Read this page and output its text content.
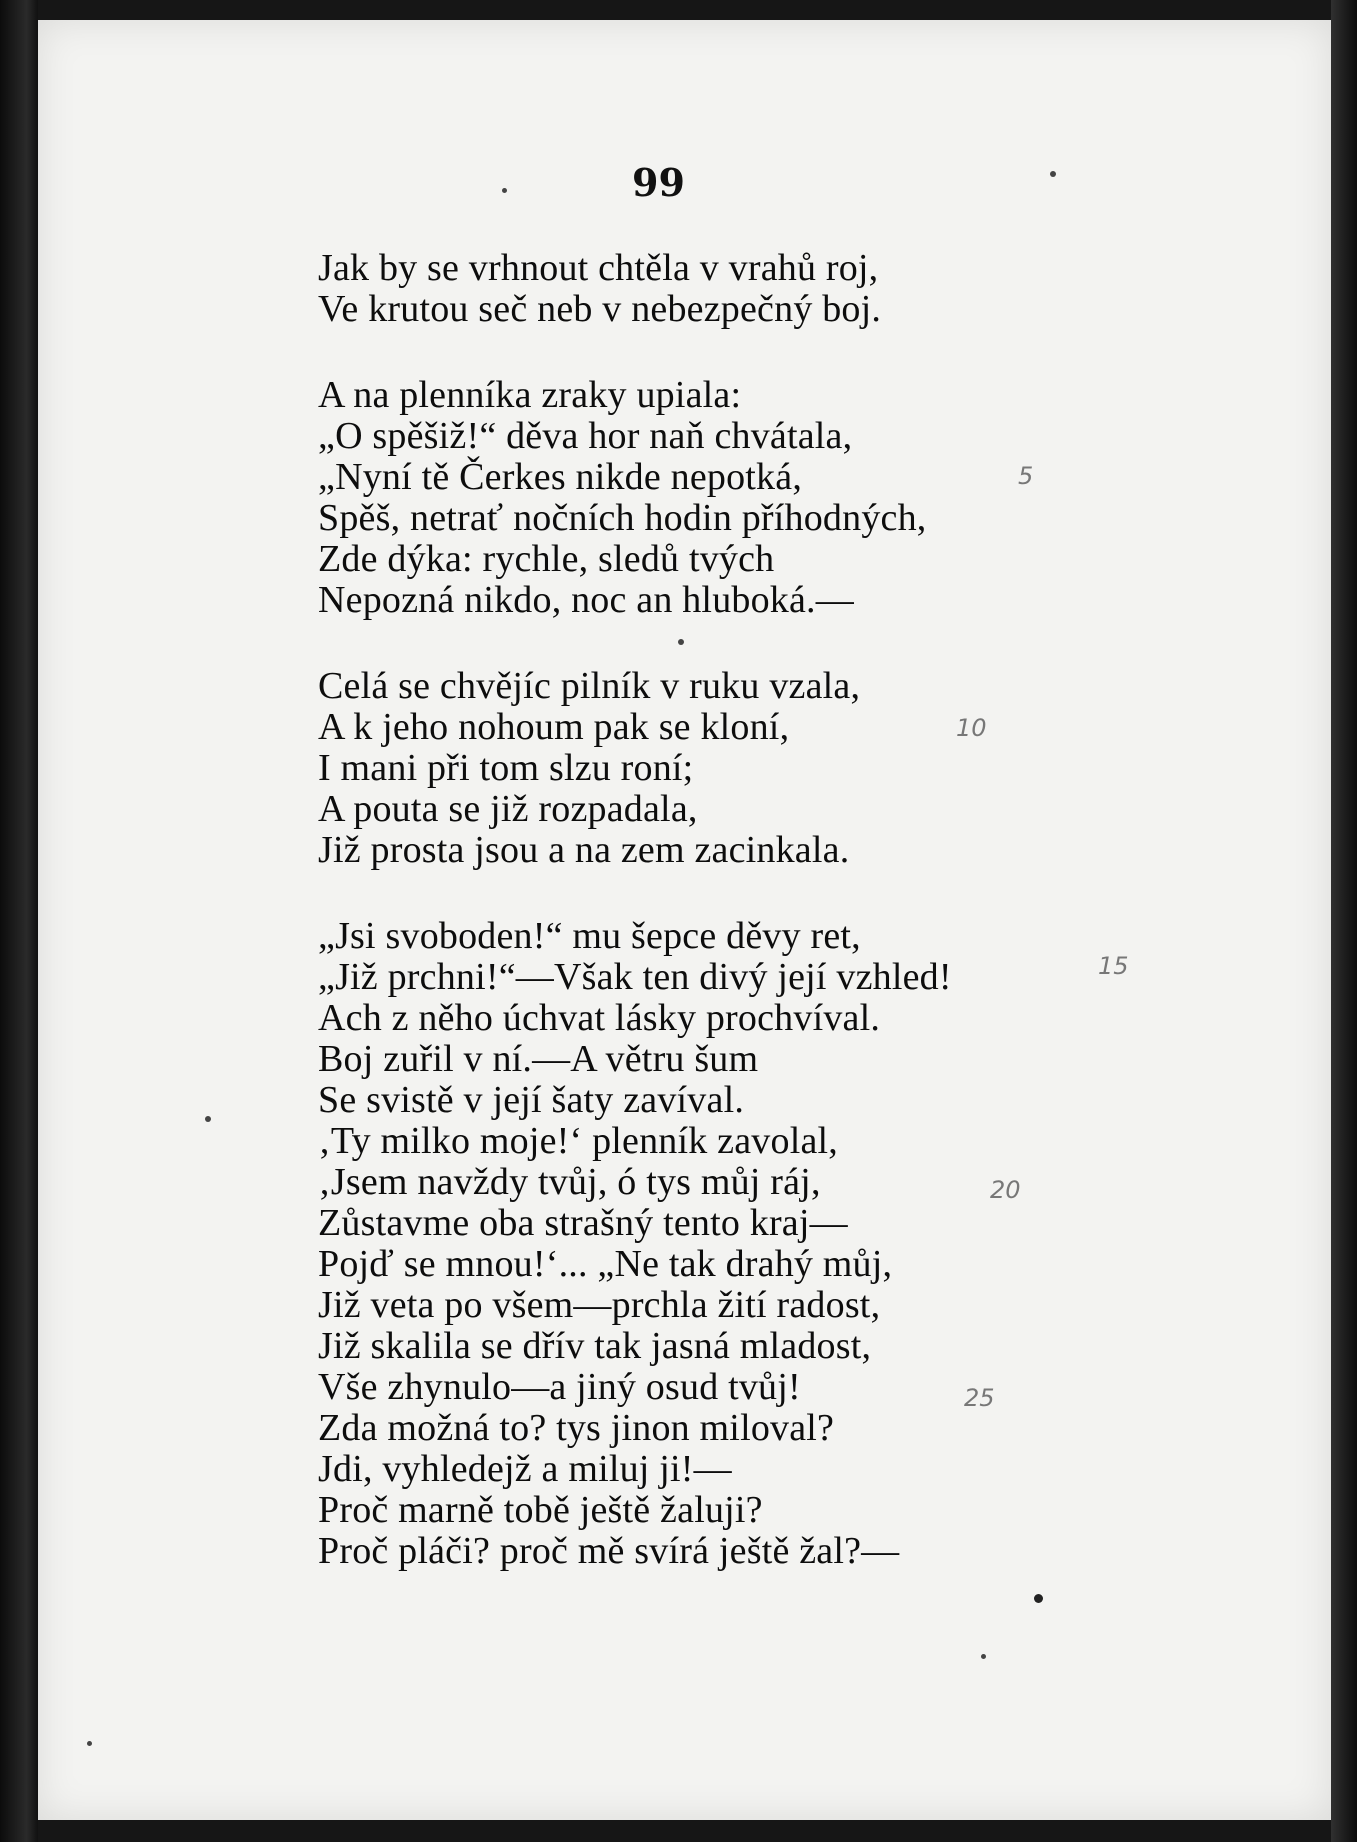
99
Jak by se vrhnout chtěla v vrahů roj,
Ve krutou seč neb v nebezpečný boj.
A na plenníka zraky upiala:
„O spěšiž!“ děva hor naň chvátala,
„Nyní tě Čerkes nikde nepotká,
Spěš, netrať nočních hodin příhodných,
Zde dýka: rychle, sledů tvých
Nepozná nikdo, noc an hluboká.—
Celá se chvějíc pilník v ruku vzala,
A k jeho nohoum pak se kloní,
I mani při tom slzu roní;
A pouta se již rozpadala,
Již prosta jsou a na zem zacinkala.
„Jsi svoboden!“ mu šepce děvy ret,
„Již prchni!“—Však ten divý její vzhled!
Ach z něho úchvat lásky prochvíval.
Boj zuřil v ní.—A větru šum
Se svistě v její šaty zavíval.
‚Ty milko moje!‘ plenník zavolal,
‚Jsem navždy tvůj, ó tys můj ráj,
Zůstavme oba strašný tento kraj—
Pojď se mnou!‘... „Ne tak drahý můj,
Již veta po všem—prchla žití radost,
Již skalila se dřív tak jasná mladost,
Vše zhynulo—a jiný osud tvůj!
Zda možná to? tys jinon miloval?
Jdi, vyhledejž a miluj ji!—
Proč marně tobě ještě žaluji?
Proč pláči? proč mě svírá ještě žal?—
5
10
15
20
25
